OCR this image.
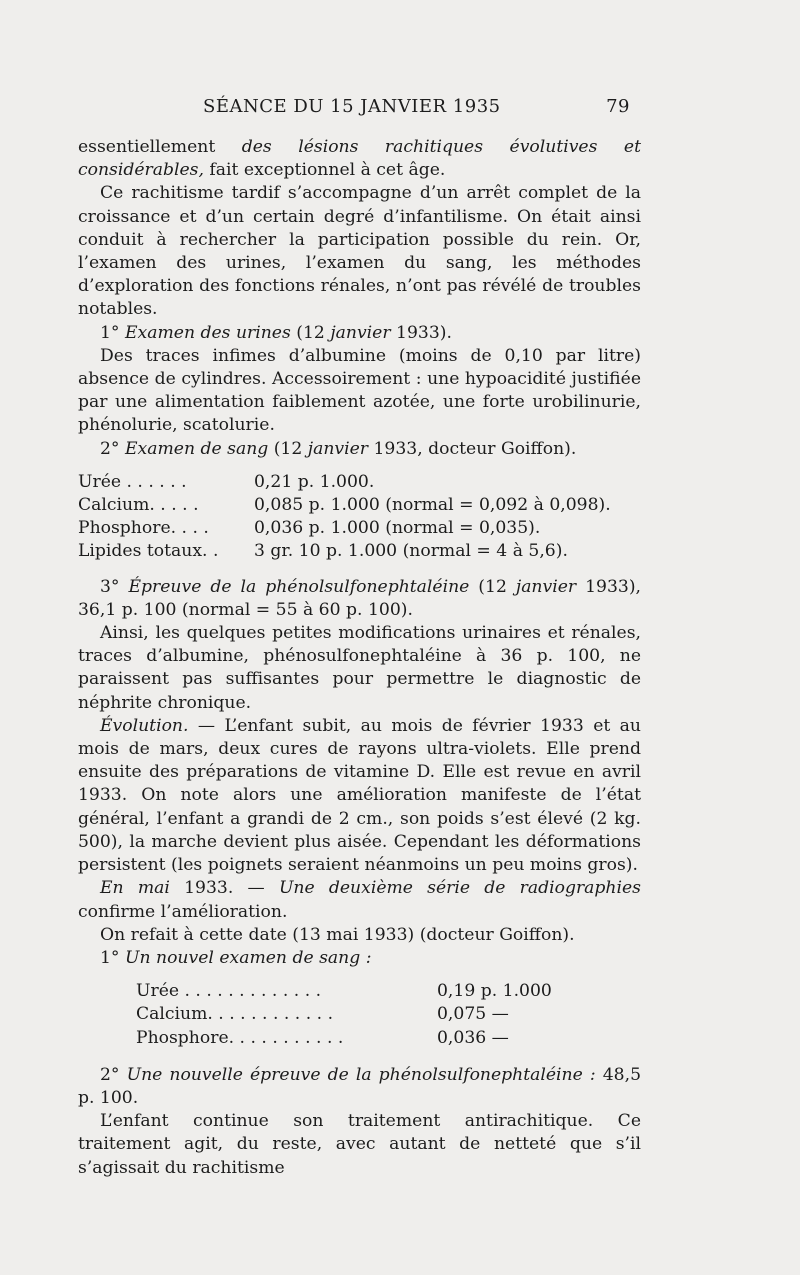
SÉANCE DU 15 JANVIER 1935	79

essentiellement des lésions rachitiques évolutives et considérables, fait exceptionnel à cet âge.

Ce rachitisme tardif s’accompagne d’un arrêt complet de la croissance et d’un certain degré d’infantilisme. On était ainsi conduit à rechercher la participation possible du rein. Or, l’examen des urines, l’examen du sang, les méthodes d’exploration des fonctions rénales, n’ont pas révélé de troubles notables.

1° Examen des urines (12 janvier 1933).

Des traces infimes d’albumine (moins de 0,10 par litre) absence de cylindres. Accessoirement : une hypoacidité justifiée par une alimentation faiblement azotée, une forte urobilinurie, phénolurie, scatolurie.

2° Examen de sang (12 janvier 1933, docteur Goiffon).

Urée . . . . . .	0,21 p. 1.000.
Calcium. . . . .	0,085 p. 1.000 (normal = 0,092 à 0,098).
Phosphore. . . .	0,036 p. 1.000 (normal = 0,035).
Lipides totaux. .	3 gr. 10 p. 1.000 (normal = 4 à 5,6).

3° Épreuve de la phénolsulfonephtaléine (12 janvier 1933), 36,1 p. 100 (normal = 55 à 60 p. 100).

Ainsi, les quelques petites modifications urinaires et rénales, traces d’albumine, phénosulfonephtaléine à 36 p. 100, ne paraissent pas suffisantes pour permettre le diagnostic de néphrite chronique.

Évolution. — L’enfant subit, au mois de février 1933 et au mois de mars, deux cures de rayons ultra-violets. Elle prend ensuite des préparations de vitamine D. Elle est revue en avril 1933. On note alors une amélioration manifeste de l’état général, l’enfant a grandi de 2 cm., son poids s’est élevé (2 kg. 500), la marche devient plus aisée. Cependant les déformations persistent (les poignets seraient néanmoins un peu moins gros).

En mai 1933. — Une deuxième série de radiographies confirme l’amélioration.

On refait à cette date (13 mai 1933) (docteur Goiffon).

1° Un nouvel examen de sang :

Urée . . . . . . . . . . . . .	0,19 p. 1.000
Calcium. . . . . . . . . . . .	0,075 —
Phosphore. . . . . . . . . . .	0,036 —

2° Une nouvelle épreuve de la phénolsulfonephtaléine : 48,5 p. 100.

L’enfant continue son traitement antirachitique. Ce traitement agit, du reste, avec autant de netteté que s’il s’agissait du rachitisme
